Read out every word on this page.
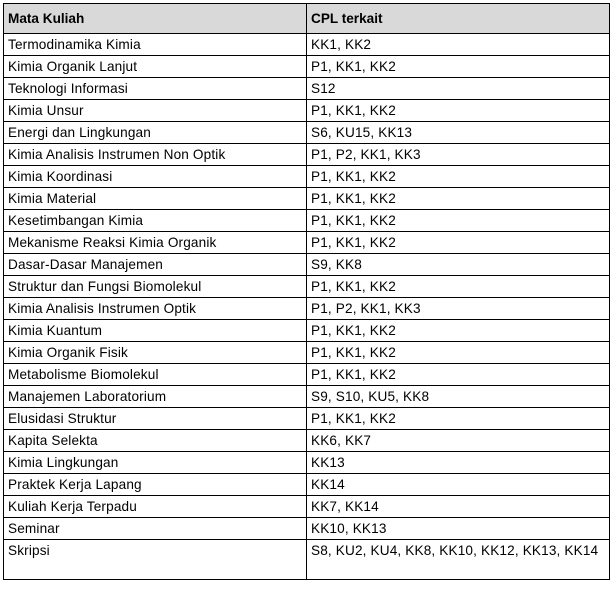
Mata Kuliah	CPL terkait
Termodinamika Kimia	KK1, KK2
Kimia Organik Lanjut	P1, KK1, KK2
Teknologi Informasi	S12
Kimia Unsur	P1, KK1, KK2
Energi dan Lingkungan	S6, KU15, KK13
Kimia Analisis Instrumen Non Optik	P1, P2, KK1, KK3
Kimia Koordinasi	P1, KK1, KK2
Kimia Material	P1, KK1, KK2
Kesetimbangan Kimia	P1, KK1, KK2
Mekanisme Reaksi Kimia Organik	P1, KK1, KK2
Dasar-Dasar Manajemen	S9, KK8
Struktur dan Fungsi Biomolekul	P1, KK1, KK2
Kimia Analisis Instrumen Optik	P1, P2, KK1, KK3
Kimia Kuantum	P1, KK1, KK2
Kimia Organik Fisik	P1, KK1, KK2
Metabolisme Biomolekul	P1, KK1, KK2
Manajemen Laboratorium	S9, S10, KU5, KK8
Elusidasi Struktur	P1, KK1, KK2
Kapita Selekta	KK6, KK7
Kimia Lingkungan	KK13
Praktek Kerja Lapang	KK14
Kuliah Kerja Terpadu	KK7, KK14
Seminar	KK10, KK13
Skripsi	S8, KU2, KU4, KK8, KK10, KK12, KK13, KK14
